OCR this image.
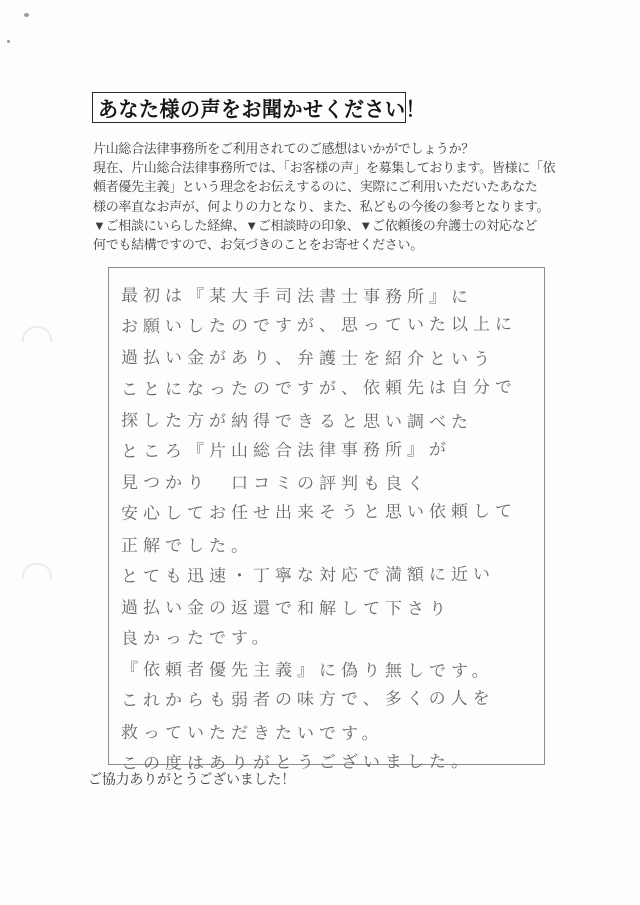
あなた様の声をお聞かせください！
片山総合法律事務所をご利用されてのご感想はいかがでしょうか？
現在、片山総合法律事務所では、「お客様の声」を募集しております。皆様に「依
頼者優先主義」という理念をお伝えするのに、実際にご利用いただいたあなた
様の率直なお声が、何よりの力となり、また、私どもの今後の参考となります。
▼ご相談にいらした経緯、▼ご相談時の印象、▼ご依頼後の弁護士の対応など
何でも結構ですので、お気づきのことをお寄せください。
最初は『某大手司法書士事務所』に
お願いしたのですが、思っていた以上に
過払い金があり、弁護士を紹介という
ことになったのですが、依頼先は自分で
探した方が納得できると思い調べた
ところ『片山総合法律事務所』が
見つかり　口コミの評判も良く
安心してお任せ出来そうと思い依頼して
正解でした。
とても迅速・丁寧な対応で満額に近い
過払い金の返還で和解して下さり
良かったです。
『依頼者優先主義』に偽り無しです。
これからも弱者の味方で、多くの人を
救っていただきたいです。
この度はありがとうございました。
ご協力ありがとうございました！
